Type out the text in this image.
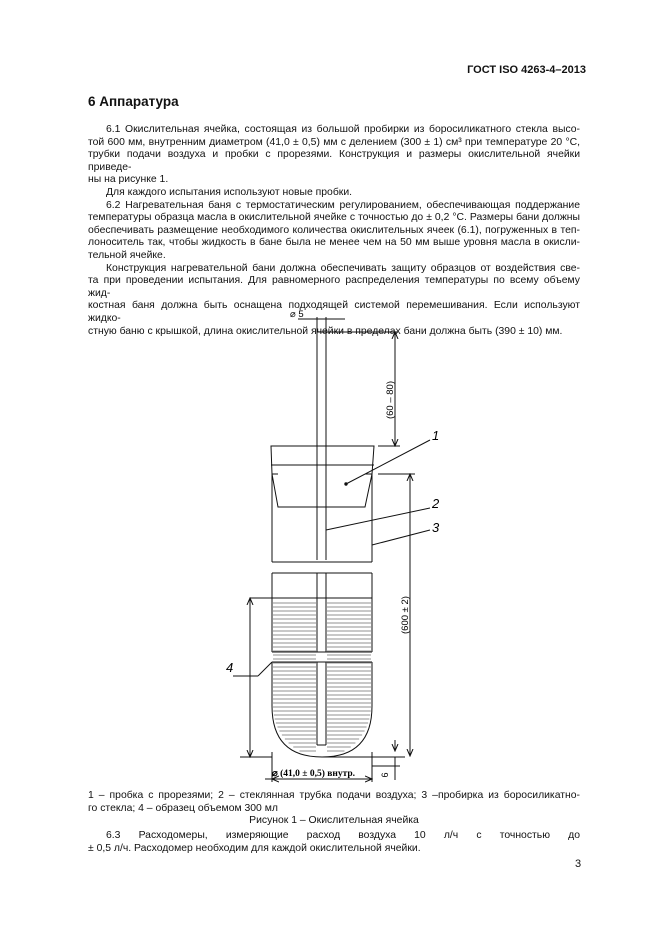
ГОСТ ISO 4263-4–2013
6 Аппаратура

6.1 Окислительная ячейка, состоящая из большой пробирки из боросиликатного стекла высо-

той 600 мм, внутренним диаметром (41,0 ± 0,5) мм с делением (300 ± 1) см³ при температуре 20 °С,

трубки подачи воздуха и пробки с прорезями. Конструкция и размеры окислительной ячейки приведе-

ны на рисунке 1.

Для каждого испытания используют новые пробки.

6.2 Нагревательная баня с термостатическим регулированием, обеспечивающая поддержание

температуры образца масла в окислительной ячейке с точностью до ± 0,2 °С. Размеры бани должны

обеспечивать размещение необходимого количества окислительных ячеек (6.1), погруженных в теп-

лоноситель так, чтобы жидкость в бане была не менее чем на 50 мм выше уровня масла в окисли-

тельной ячейке.

Конструкция нагревательной бани должна обеспечивать защиту образцов от воздействия све-

та при проведении испытания. Для равномерного распределения температуры по всему объему жид-

костная баня должна быть оснащена подходящей системой перемешивания. Если используют жидко-

стную баню с крышкой, длина окислительной ячейки в пределах бани должна быть (390 ± 10) мм.

⌀ 5
(60 – 80)
(600 ± 2)
6
⌀ (41,0 ± 0,5) внутр.
1
2
3
4
1 – пробка с прорезями; 2 – стеклянная трубка подачи воздуха; 3 –пробирка из боросиликатно-
го стекла; 4 – образец объемом 300 мл
Рисунок 1 – Окислительная ячейка
6.3 Расходомеры, измеряющие расход воздуха 10 л/ч с точностью до
± 0,5 л/ч. Расходомер необходим для каждой окислительной ячейки.
3
